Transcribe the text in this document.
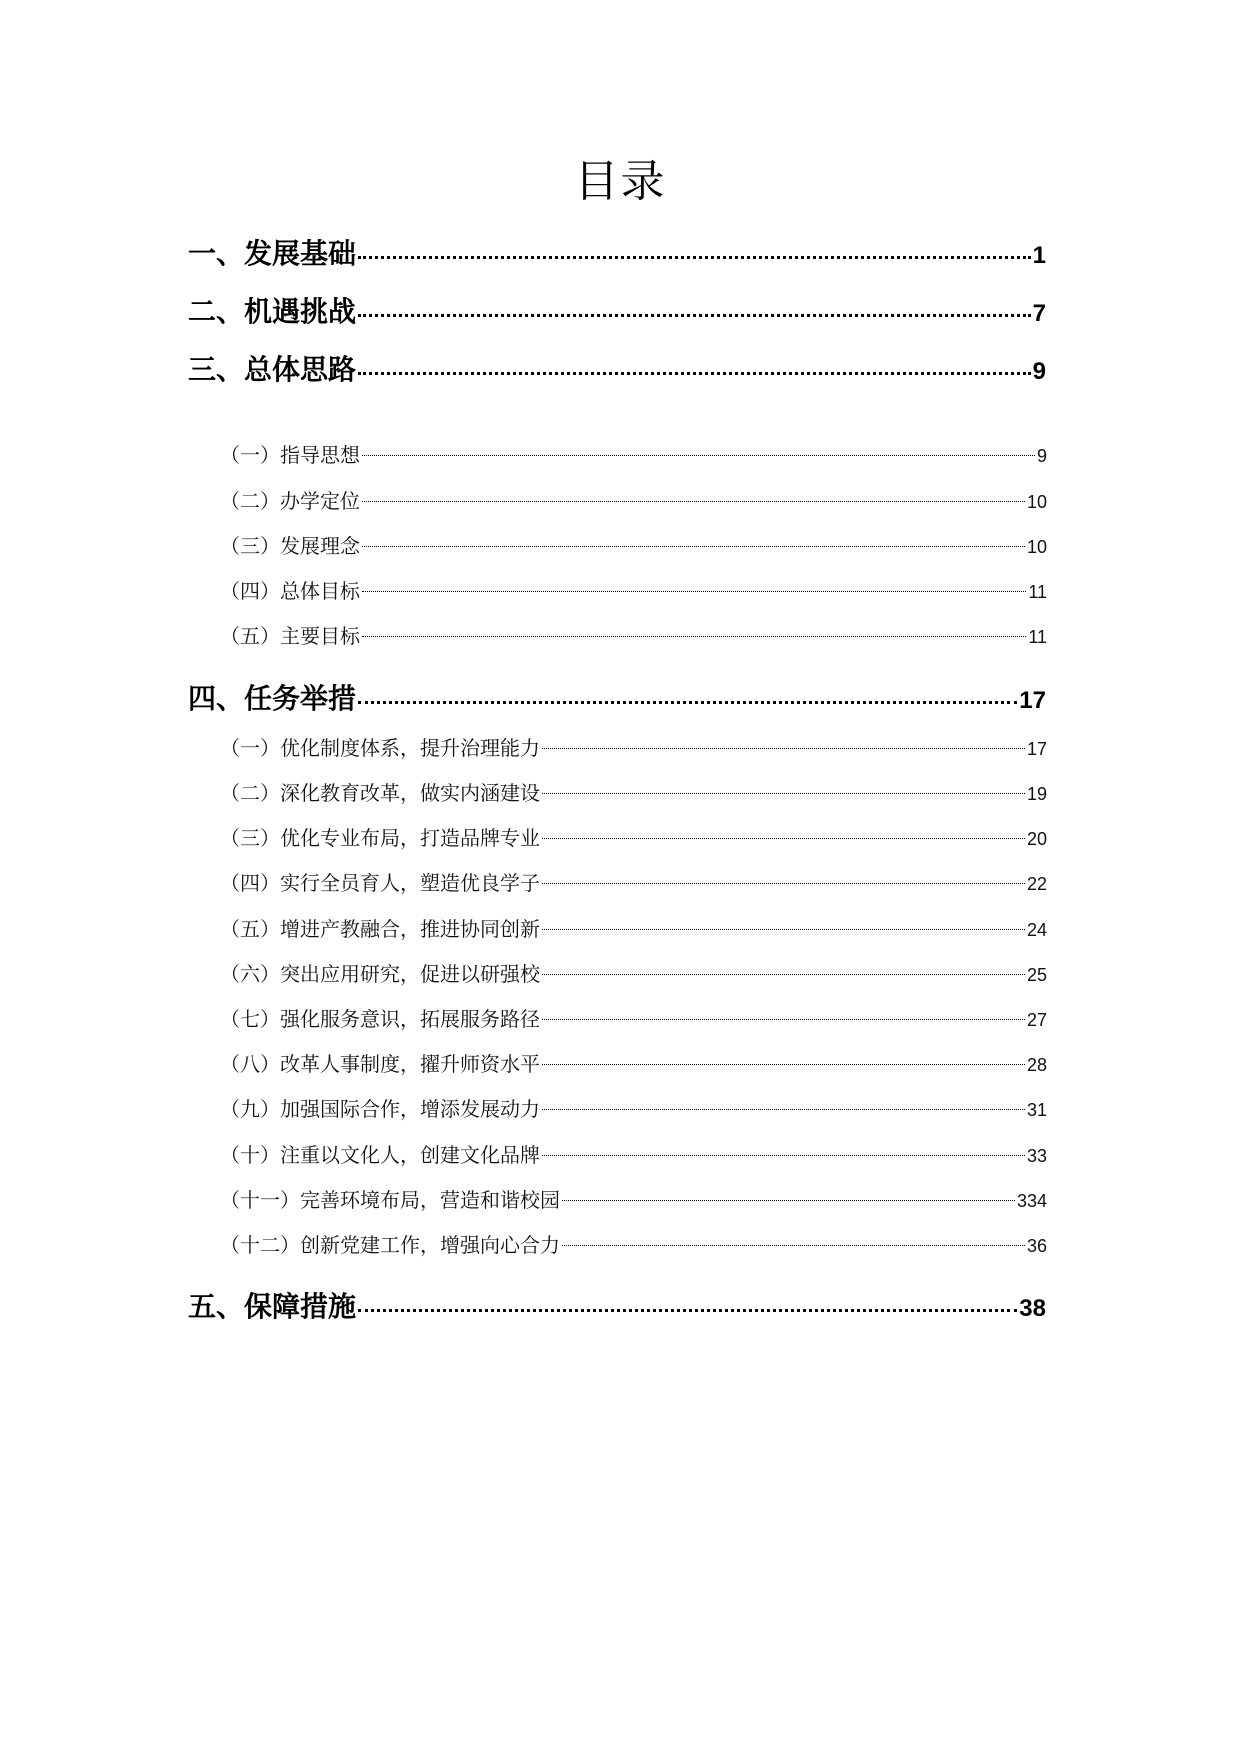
目录
一、发展基础	1
二、机遇挑战	7
三、总体思路	9
（一）指导思想	9
（二）办学定位	10
（三）发展理念	10
（四）总体目标	11
（五）主要目标	11
四、任务举措	17
（一）优化制度体系，提升治理能力	17
（二）深化教育改革，做实内涵建设	19
（三）优化专业布局，打造品牌专业	20
（四）实行全员育人，塑造优良学子	22
（五）增进产教融合，推进协同创新	24
（六）突出应用研究，促进以研强校	25
（七）强化服务意识，拓展服务路径	27
（八）改革人事制度，擢升师资水平	28
（九）加强国际合作，增添发展动力	31
（十）注重以文化人，创建文化品牌	33
（十一）完善环境布局，营造和谐校园	334
（十二）创新党建工作，增强向心合力	36
五、保障措施	38
